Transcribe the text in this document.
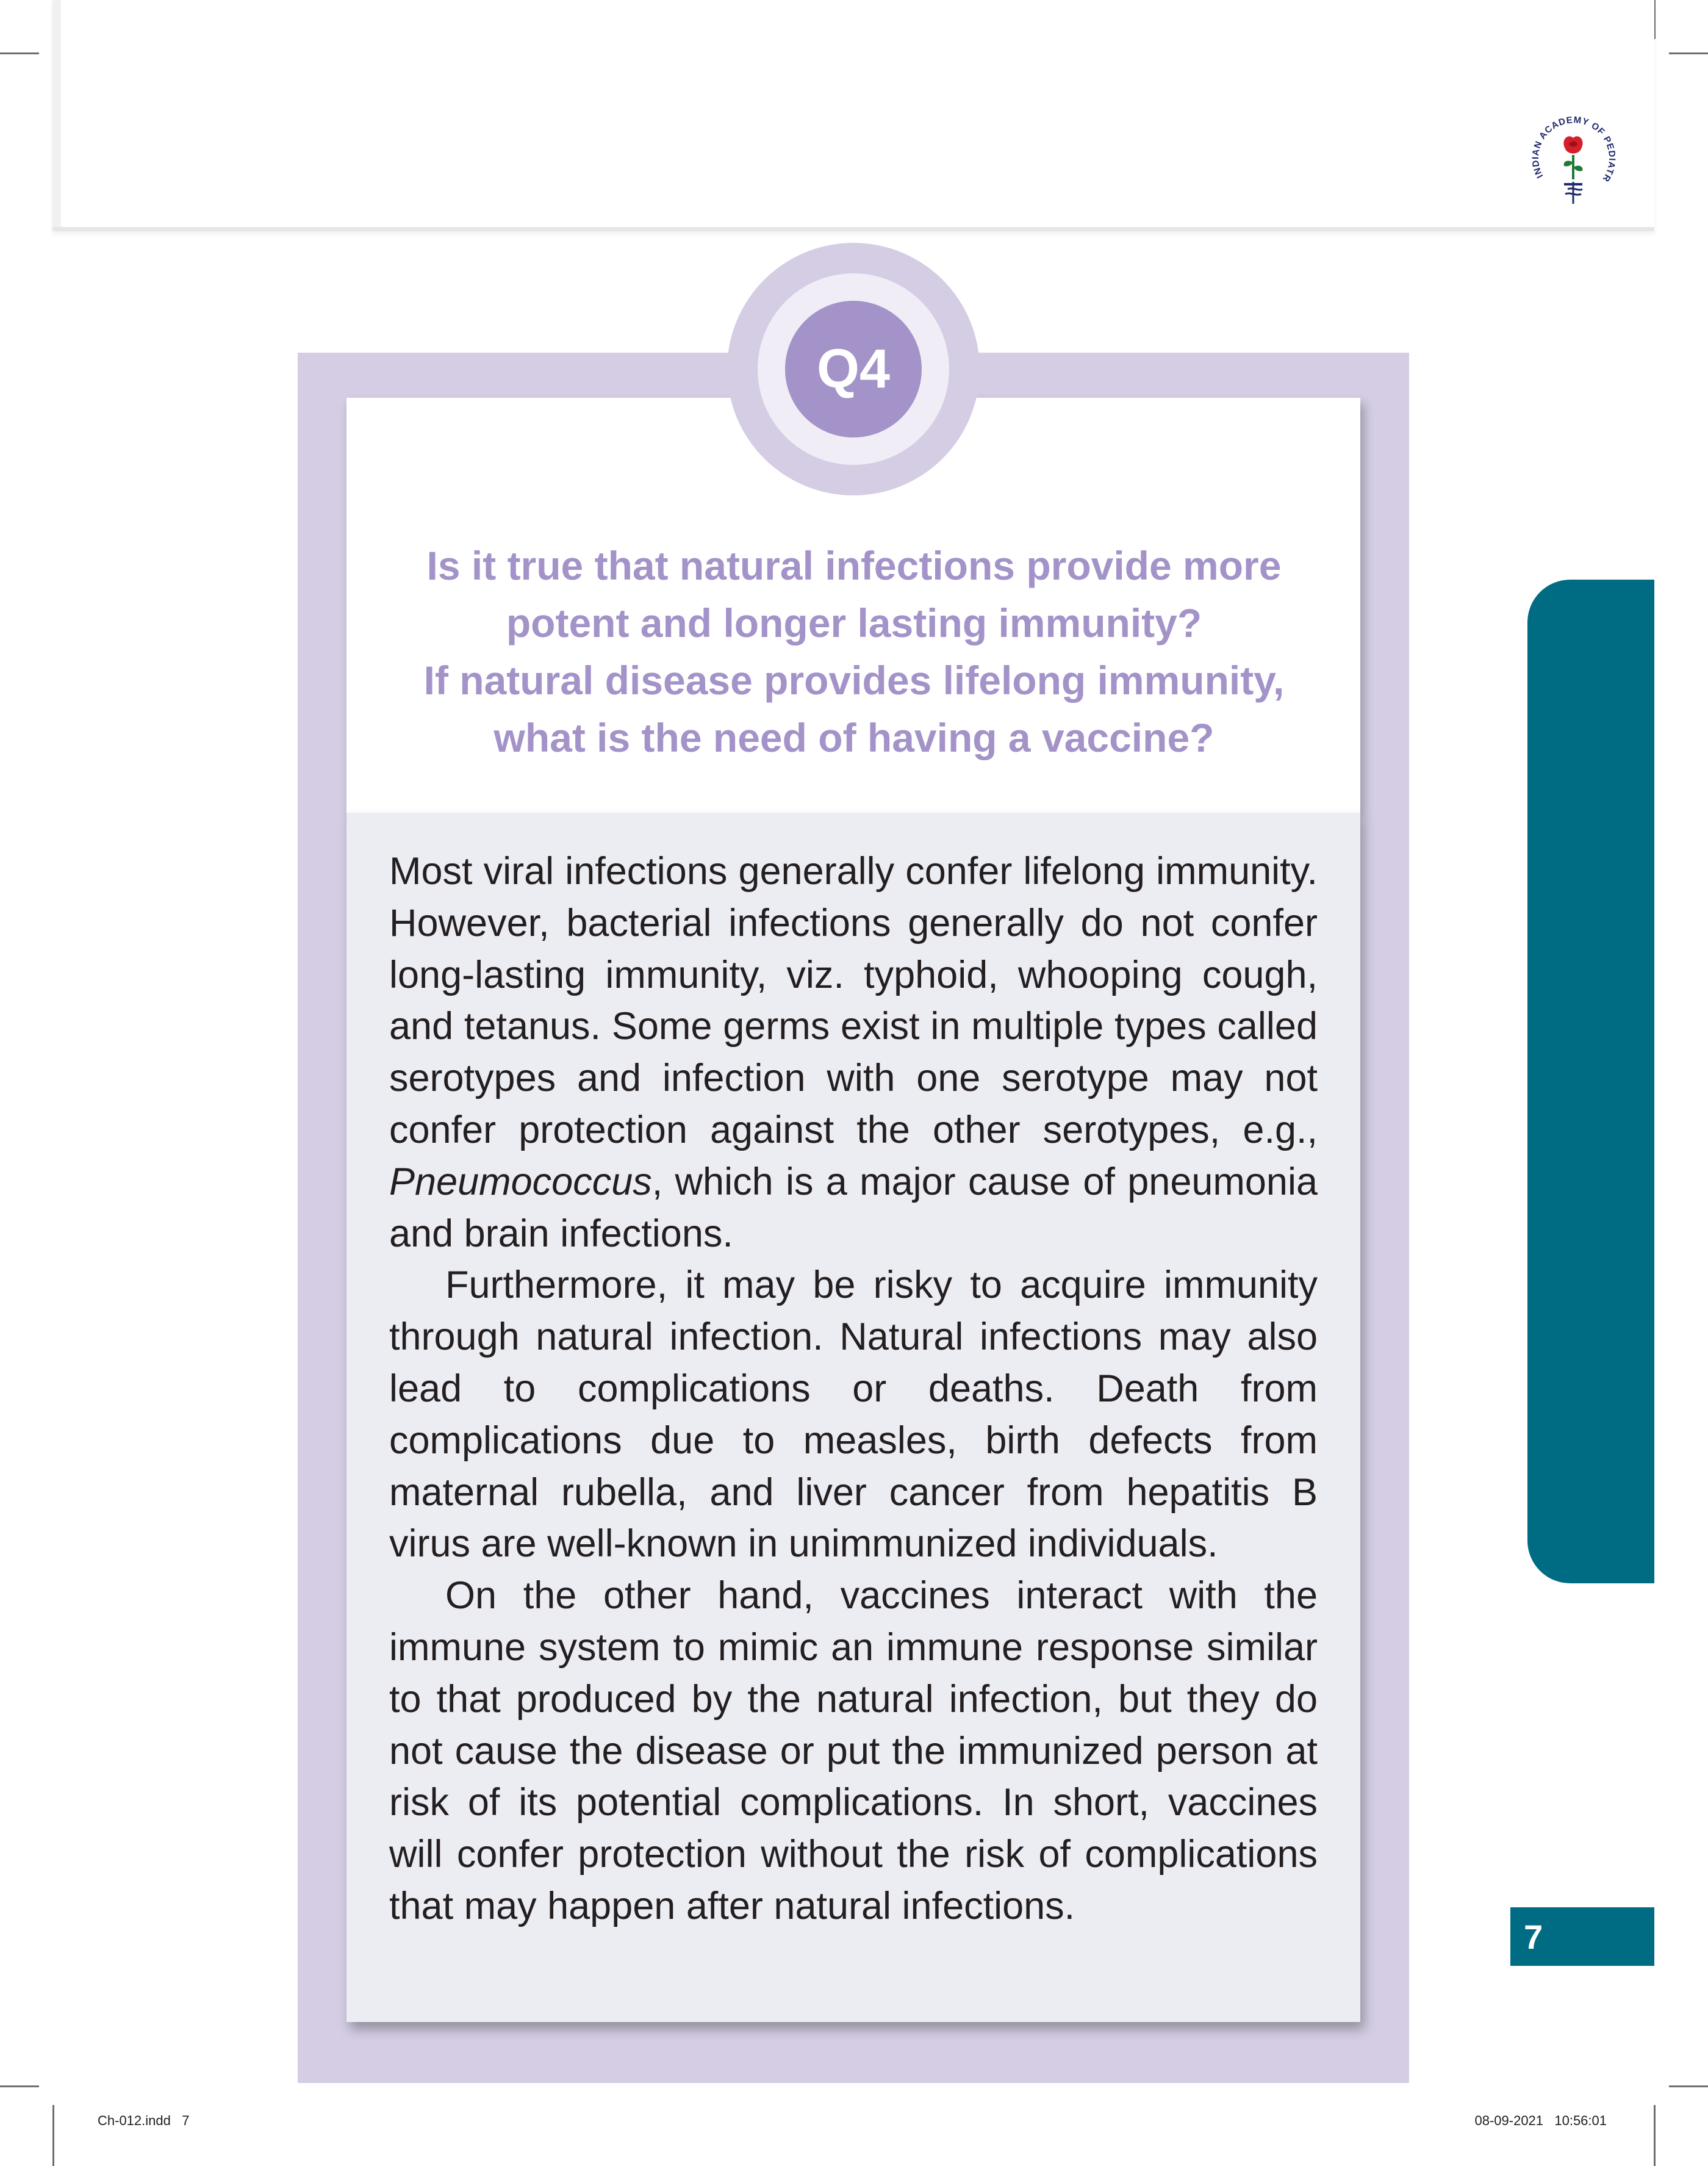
INDIAN ACADEMY OF PEDIATR
Q4
Is it true that natural infections provide more
potent and longer lasting immunity?
If natural disease provides lifelong immunity,
what is the need of having a vaccine?

Most viral infections generally confer lifelong immunity. However, bacterial infections generally do not confer long-lasting immunity, viz. typhoid, whooping cough, and tetanus. Some germs exist in multiple types called serotypes and infection with one serotype may not confer protection against the other serotypes, e.g., Pneumococcus, which is a major cause of pneumonia and brain infections.

Furthermore, it may be risky to acquire immunity through natural infection. Natural infections may also lead to complications or deaths. Death from complications due to measles, birth defects from maternal rubella, and liver cancer from hepatitis B virus are well-known in unimmunized individuals.

On the other hand, vaccines interact with the immune system to mimic an immune response similar to that produced by the natural infection, but they do not cause the disease or put the immunized person at risk of its potential complications. In short, vaccines will confer protection without the risk of complications that may happen after natural infections.

Dealing with Adverse Events Following Immunization
7
Ch-012.indd   7	08-09-2021   10:56:01
